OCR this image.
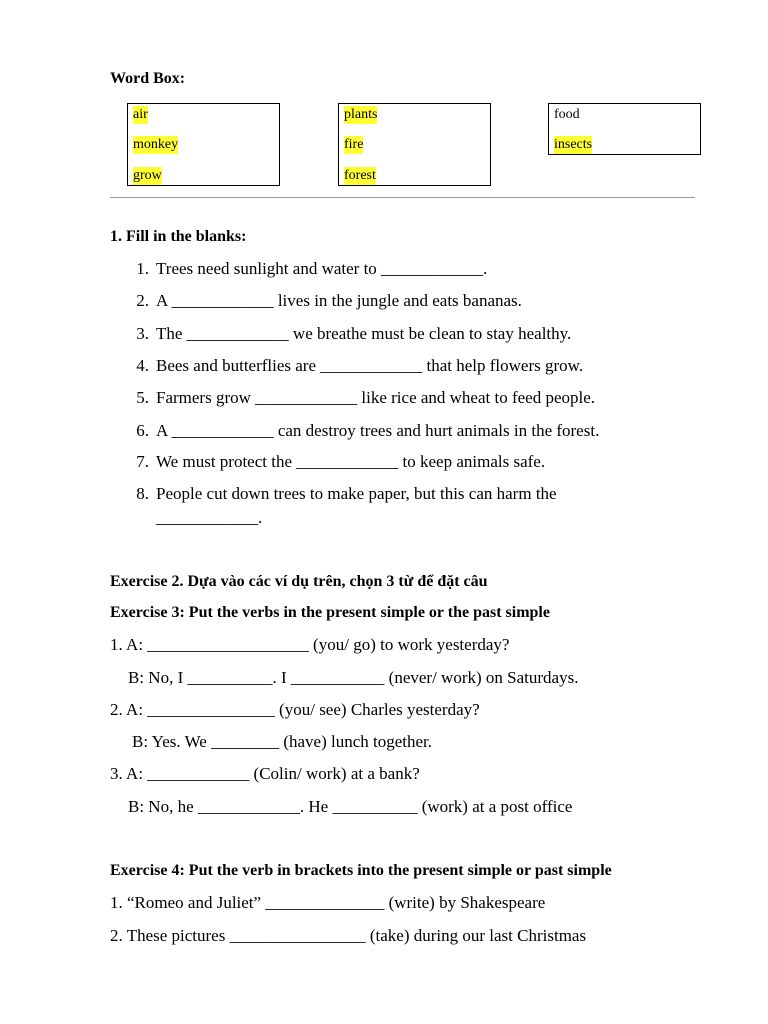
Word Box:
air
monkey
grow
plants
fire
forest
food
insects
1. Fill in the blanks:
1. Trees need sunlight and water to ____________.
2. A ____________ lives in the jungle and eats bananas.
3. The ____________ we breathe must be clean to stay healthy.
4. Bees and butterflies are ____________ that help flowers grow.
5. Farmers grow ____________ like rice and wheat to feed people.
6. A ____________ can destroy trees and hurt animals in the forest.
7. We must protect the ____________ to keep animals safe.
8. People cut down trees to make paper, but this can harm the
____________.
Exercise 2. Dựa vào các ví dụ trên, chọn 3 từ để đặt câu
Exercise 3: Put the verbs in the present simple or the past simple
1. A: ___________________ (you/ go) to work yesterday?
B: No, I __________. I ___________ (never/ work) on Saturdays.
2. A: _______________ (you/ see) Charles yesterday?
B: Yes. We ________ (have) lunch together.
3. A: ____________ (Colin/ work) at a bank?
B: No, he ____________. He __________ (work) at a post office
Exercise 4: Put the verb in brackets into the present simple or past simple
1. “Romeo and Juliet” ______________ (write) by Shakespeare
2. These pictures ________________ (take) during our last Christmas
